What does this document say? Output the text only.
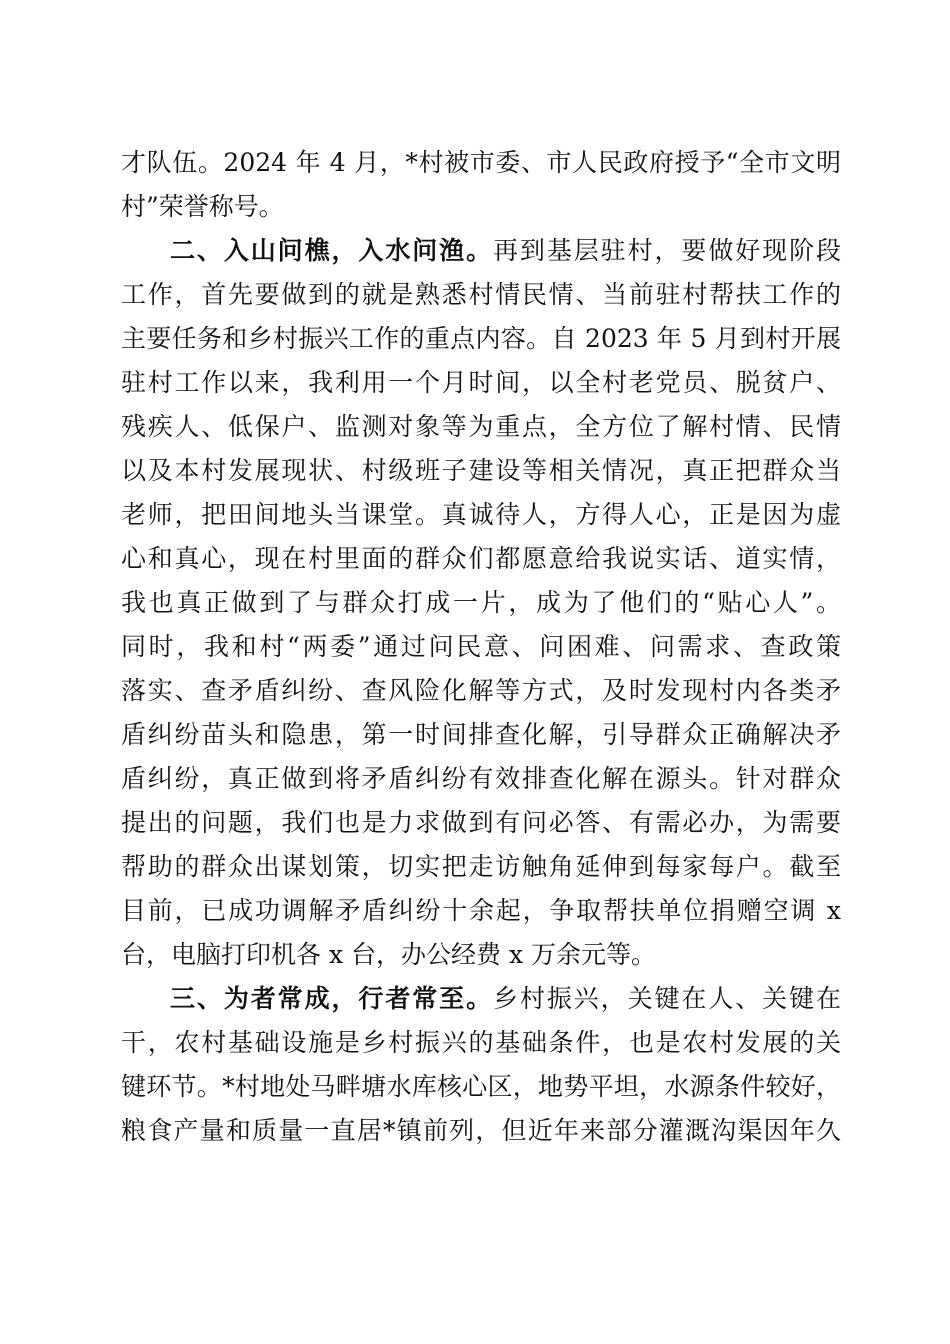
才队伍。2024 年 4 月，*村被市委、市人民政府授予“全市文明
村”荣誉称号。
二、入山问樵，入水问渔。再到基层驻村，要做好现阶段
工作，首先要做到的就是熟悉村情民情、当前驻村帮扶工作的
主要任务和乡村振兴工作的重点内容。自 2023 年 5 月到村开展
驻村工作以来，我利用一个月时间，以全村老党员、脱贫户、
残疾人、低保户、监测对象等为重点，全方位了解村情、民情
以及本村发展现状、村级班子建设等相关情况，真正把群众当
老师，把田间地头当课堂。真诚待人，方得人心，正是因为虚
心和真心，现在村里面的群众们都愿意给我说实话、道实情，
我也真正做到了与群众打成一片，成为了他们的“贴心人”。
同时，我和村“两委”通过问民意、问困难、问需求、查政策
落实、查矛盾纠纷、查风险化解等方式，及时发现村内各类矛
盾纠纷苗头和隐患，第一时间排查化解，引导群众正确解决矛
盾纠纷，真正做到将矛盾纠纷有效排查化解在源头。针对群众
提出的问题，我们也是力求做到有问必答、有需必办，为需要
帮助的群众出谋划策，切实把走访触角延伸到每家每户。截至
目前，已成功调解矛盾纠纷十余起，争取帮扶单位捐赠空调 x
台，电脑打印机各 x 台，办公经费 x 万余元等。
三、为者常成，行者常至。乡村振兴，关键在人、关键在
干，农村基础设施是乡村振兴的基础条件，也是农村发展的关
键环节。*村地处马畔塘水库核心区，地势平坦，水源条件较好，
粮食产量和质量一直居*镇前列，但近年来部分灌溉沟渠因年久
